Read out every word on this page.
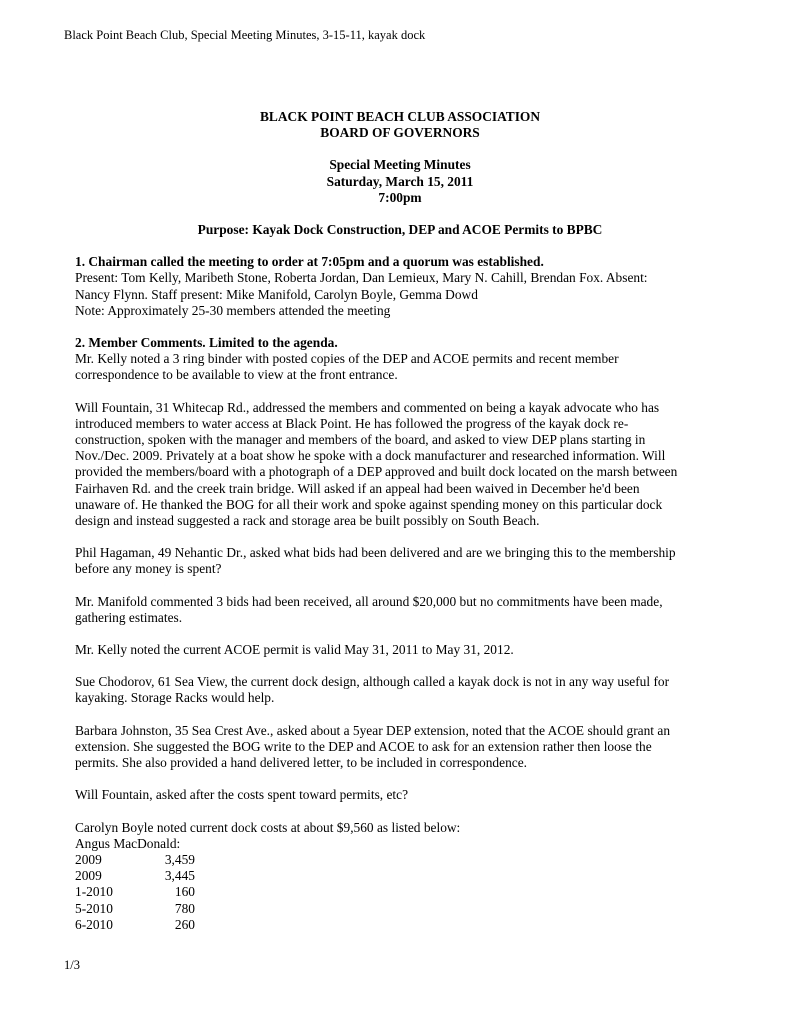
Black Point Beach Club, Special Meeting Minutes, 3-15-11, kayak dock
BLACK POINT BEACH CLUB ASSOCIATION
BOARD OF GOVERNORS
Special Meeting Minutes
Saturday, March 15, 2011
7:00pm
Purpose: Kayak Dock Construction, DEP and ACOE Permits to BPBC
1. Chairman called the meeting to order at 7:05pm and a quorum was established.

Present: Tom Kelly, Maribeth Stone, Roberta Jordan, Dan Lemieux, Mary N. Cahill, Brendan Fox. Absent:

Nancy Flynn. Staff present: Mike Manifold, Carolyn Boyle, Gemma Dowd

Note: Approximately 25-30 members attended the meeting

2. Member Comments. Limited to the agenda.

Mr. Kelly noted a 3 ring binder with posted copies of the DEP and ACOE permits and recent member

correspondence to be available to view at the front entrance.

Will Fountain, 31 Whitecap Rd., addressed the members and commented on being a kayak advocate who has

introduced members to water access at Black Point. He has followed the progress of the kayak dock re-

construction, spoken with the manager and members of the board, and asked to view DEP plans starting in

Nov./Dec. 2009. Privately at a boat show he spoke with a dock manufacturer and researched information. Will

provided the members/board with a photograph of a DEP approved and built dock located on the marsh between

Fairhaven Rd. and the creek train bridge. Will asked if an appeal had been waived in December he'd been

unaware of. He thanked the BOG for all their work and spoke against spending money on this particular dock

design and instead suggested a rack and storage area be built possibly on South Beach.

Phil Hagaman, 49 Nehantic Dr., asked what bids had been delivered and are we bringing this to the membership

before any money is spent?

Mr. Manifold commented 3 bids had been received, all around $20,000 but no commitments have been made,

gathering estimates.

Mr. Kelly noted the current ACOE permit is valid May 31, 2011 to May 31, 2012.

Sue Chodorov, 61 Sea View, the current dock design, although called a kayak dock is not in any way useful for

kayaking. Storage Racks would help.

Barbara Johnston, 35 Sea Crest Ave., asked about a 5year DEP extension, noted that the ACOE should grant an

extension. She suggested the BOG write to the DEP and ACOE to ask for an extension rather then loose the

permits. She also provided a hand delivered letter, to be included in correspondence.

Will Fountain, asked after the costs spent toward permits, etc?

Carolyn Boyle noted current dock costs at about $9,560 as listed below:

Angus MacDonald:

2009	3,459
2009	3,445
1-2010	160
5-2010	780
6-2010	260
1/3
